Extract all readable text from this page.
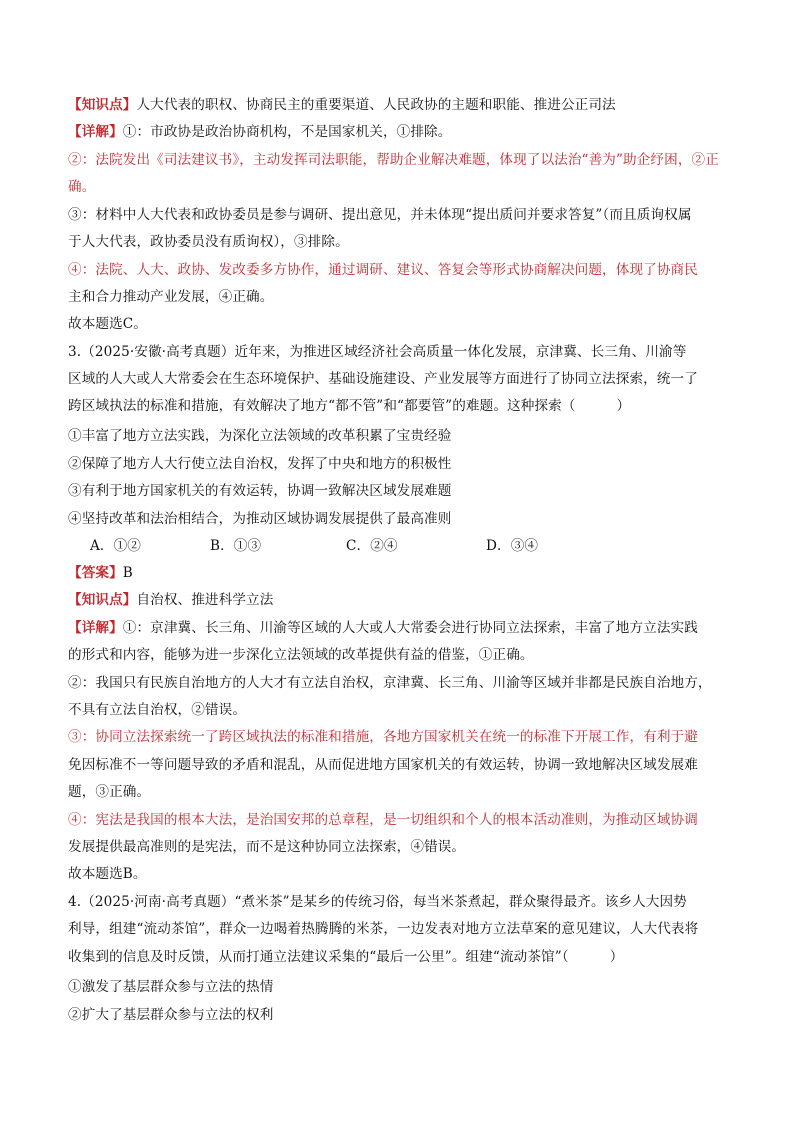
【知识点】人大代表的职权、协商民主的重要渠道、人民政协的主题和职能、推进公正司法
【详解】①：市政协是政治协商机构，不是国家机关，①排除。
②：法院发出《司法建议书》，主动发挥司法职能，帮助企业解决难题，体现了以法治“善为”助企纾困，②正
确。
③：材料中人大代表和政协委员是参与调研、提出意见，并未体现“提出质问并要求答复”（而且质询权属
于人大代表，政协委员没有质询权），③排除。
④：法院、人大、政协、发改委多方协作，通过调研、建议、答复会等形式协商解决问题，体现了协商民
主和合力推动产业发展，④正确。
故本题选C。
3.（2025·安徽·高考真题）近年来，为推进区域经济社会高质量一体化发展，京津冀、长三角、川渝等
区域的人大或人大常委会在生态环境保护、基础设施建设、产业发展等方面进行了协同立法探索，统一了
跨区域执法的标准和措施，有效解决了地方“都不管”和“都要管”的难题。这种探索（　　　）
①丰富了地方立法实践，为深化立法领域的改革积累了宝贵经验
②保障了地方人大行使立法自治权，发挥了中央和地方的积极性
③有利于地方国家机关的有效运转，协调一致解决区域发展难题
④坚持改革和法治相结合，为推动区域协调发展提供了最高准则
A．①②	B．①③	C．②④	D．③④
【答案】B
【知识点】自治权、推进科学立法
【详解】①：京津冀、长三角、川渝等区域的人大或人大常委会进行协同立法探索，丰富了地方立法实践
的形式和内容，能够为进一步深化立法领域的改革提供有益的借鉴，①正确。
②：我国只有民族自治地方的人大才有立法自治权，京津冀、长三角、川渝等区域并非都是民族自治地方，
不具有立法自治权，②错误。
③：协同立法探索统一了跨区域执法的标准和措施，各地方国家机关在统一的标准下开展工作，有利于避
免因标准不一等问题导致的矛盾和混乱，从而促进地方国家机关的有效运转，协调一致地解决区域发展难
题，③正确。
④：宪法是我国的根本大法，是治国安邦的总章程，是一切组织和个人的根本活动准则，为推动区域协调
发展提供最高准则的是宪法，而不是这种协同立法探索，④错误。
故本题选B。
4.（2025·河南·高考真题）“煮米茶”是某乡的传统习俗，每当米茶煮起，群众聚得最齐。该乡人大因势
利导，组建“流动茶馆”，群众一边喝着热腾腾的米茶，一边发表对地方立法草案的意见建议，人大代表将
收集到的信息及时反馈，从而打通立法建议采集的“最后一公里”。组建“流动茶馆”（　　　）
①激发了基层群众参与立法的热情
②扩大了基层群众参与立法的权利
